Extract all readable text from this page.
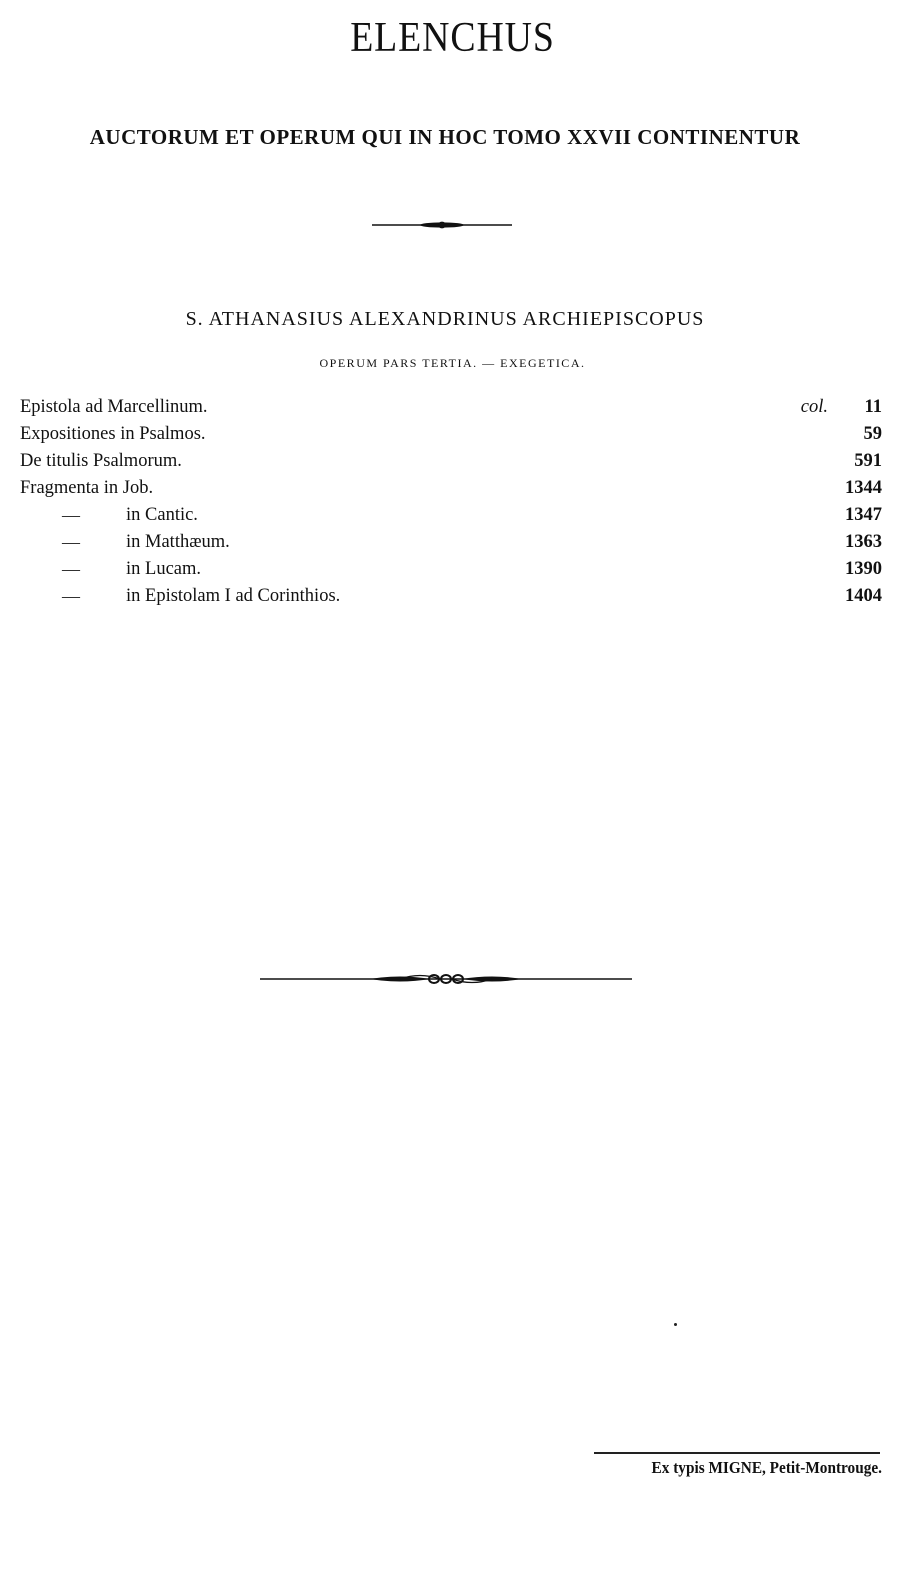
ELENCHUS
AUCTORUM ET OPERUM QUI IN HOC TOMO XXVII CONTINENTUR
S. ATHANASIUS ALEXANDRINUS ARCHIEPISCOPUS
OPERUM PARS TERTIA. — EXEGETICA.
Epistola ad Marcellinum.	col. 11
Expositiones in Psalmos.	59
De titulis Psalmorum.	591
Fragmenta in Job.	1344
— in Cantic.	1347
— in Matthæum.	1363
— in Lucam.	1390
— in Epistolam I ad Corinthios.	1404
Ex typis MIGNE, Petit-Montrouge.
